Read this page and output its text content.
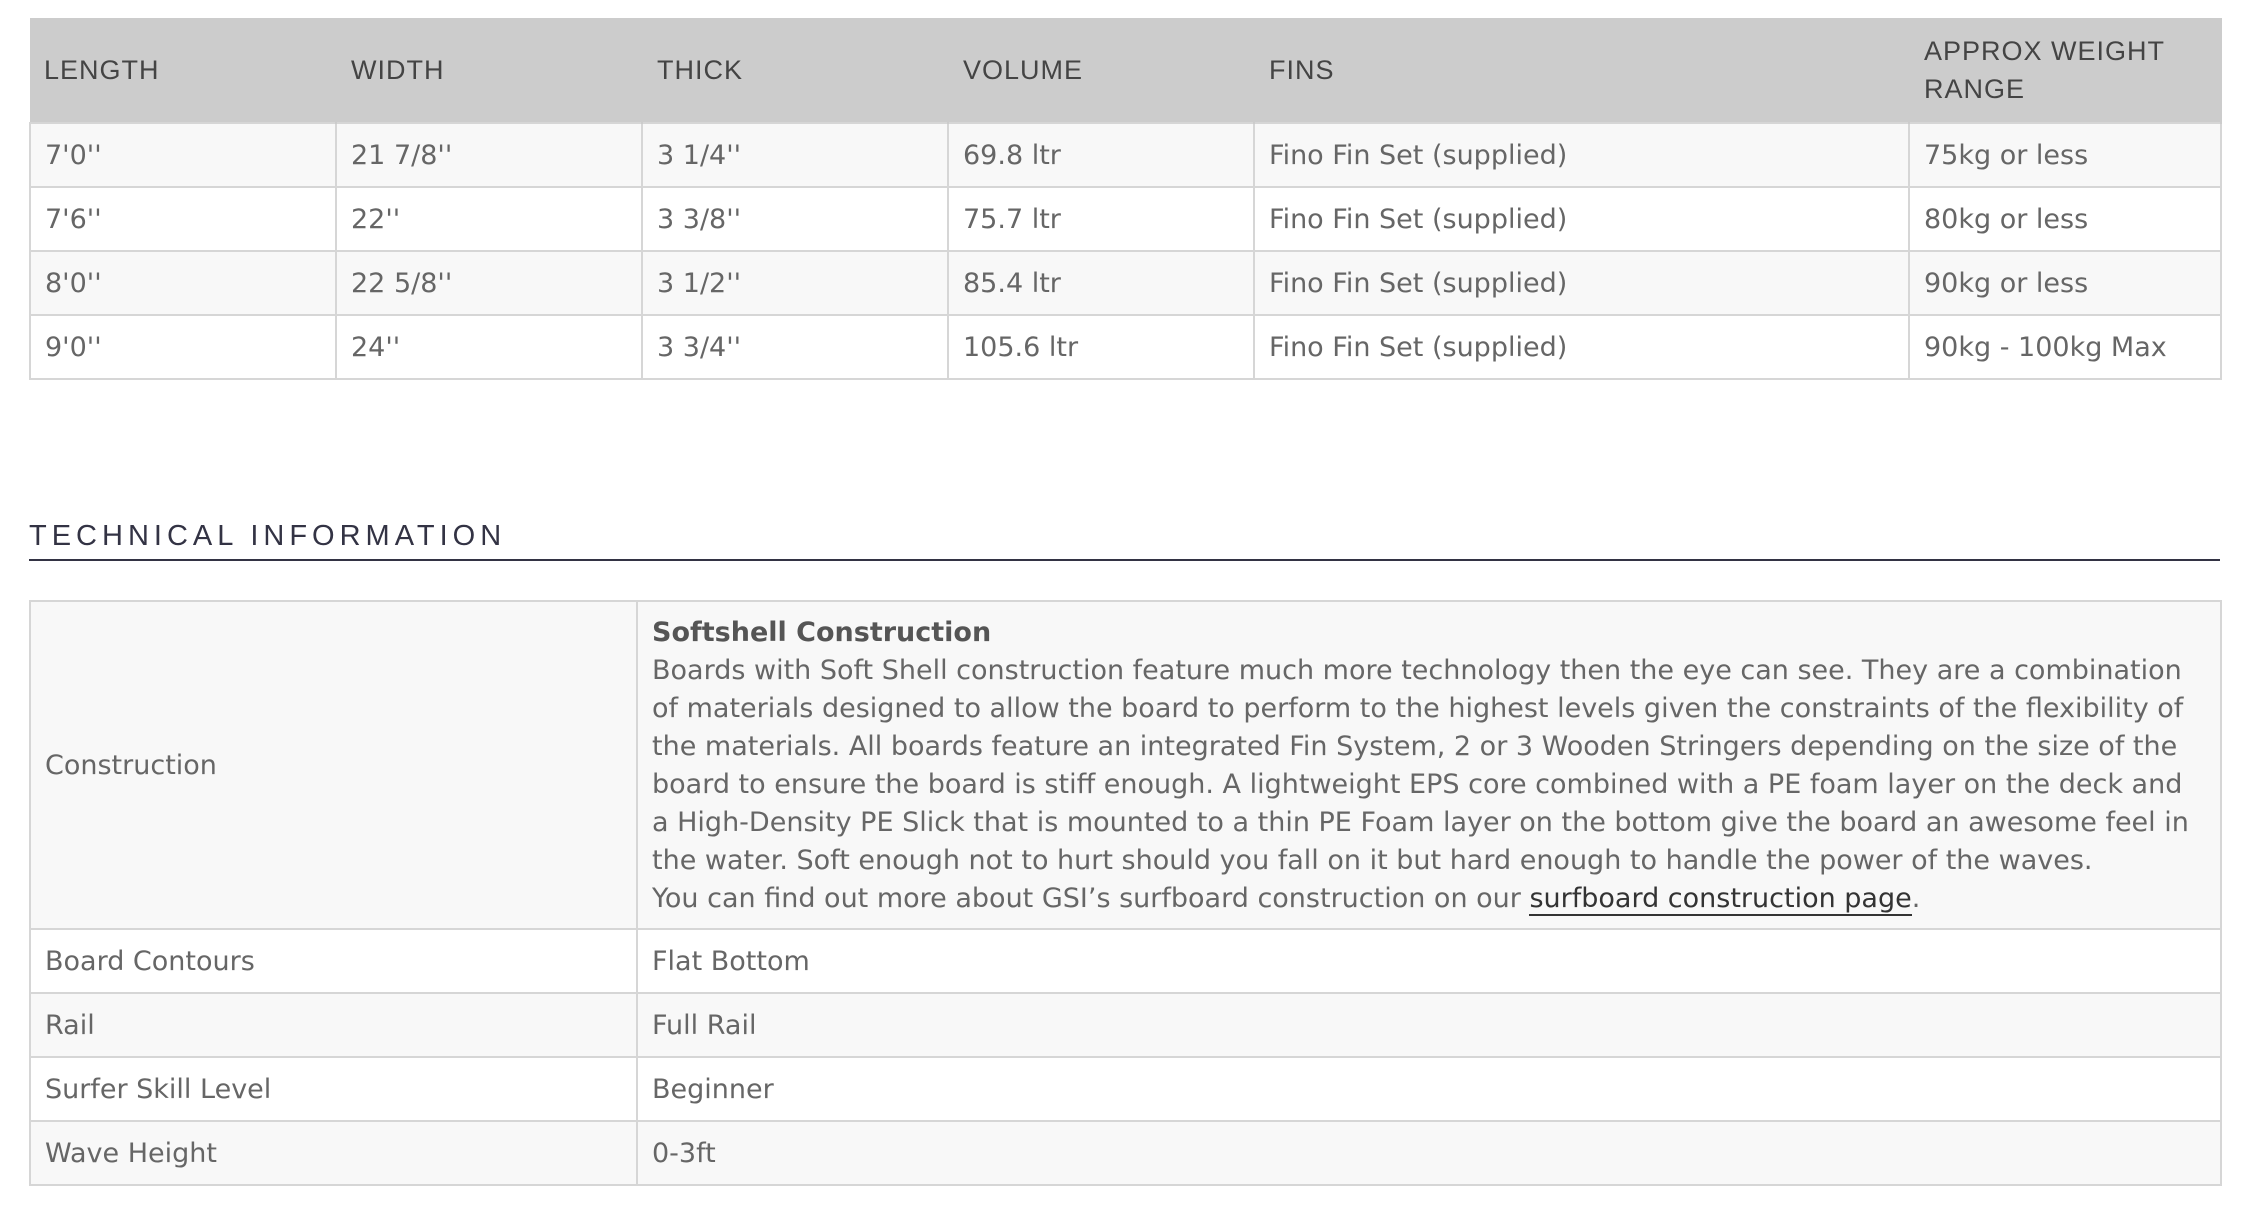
LENGTH	WIDTH	THICK	VOLUME	FINS	APPROX WEIGHT RANGE
7'0''	21 7/8''	3 1/4''	69.8 ltr	Fino Fin Set (supplied)	75kg or less
7'6''	22''	3 3/8''	75.7 ltr	Fino Fin Set (supplied)	80kg or less
8'0''	22 5/8''	3 1/2''	85.4 ltr	Fino Fin Set (supplied)	90kg or less
9'0''	24''	3 3/4''	105.6 ltr	Fino Fin Set (supplied)	90kg - 100kg Max
TECHNICAL INFORMATION
Construction	Softshell Construction
Boards with Soft Shell construction feature much more technology then the eye can see. They are a combination of materials designed to allow the board to perform to the highest levels given the constraints of the flexibility of the materials. All boards feature an integrated Fin System, 2 or 3 Wooden Stringers depending on the size of the board to ensure the board is stiff enough. A lightweight EPS core combined with a PE foam layer on the deck and a High-Density PE Slick that is mounted to a thin PE Foam layer on the bottom give the board an awesome feel in the water. Soft enough not to hurt should you fall on it but hard enough to handle the power of the waves.
You can find out more about GSI’s surfboard construction on our surfboard construction page.

Board Contours	Flat Bottom
Rail	Full Rail
Surfer Skill Level	Beginner
Wave Height	0-3ft
